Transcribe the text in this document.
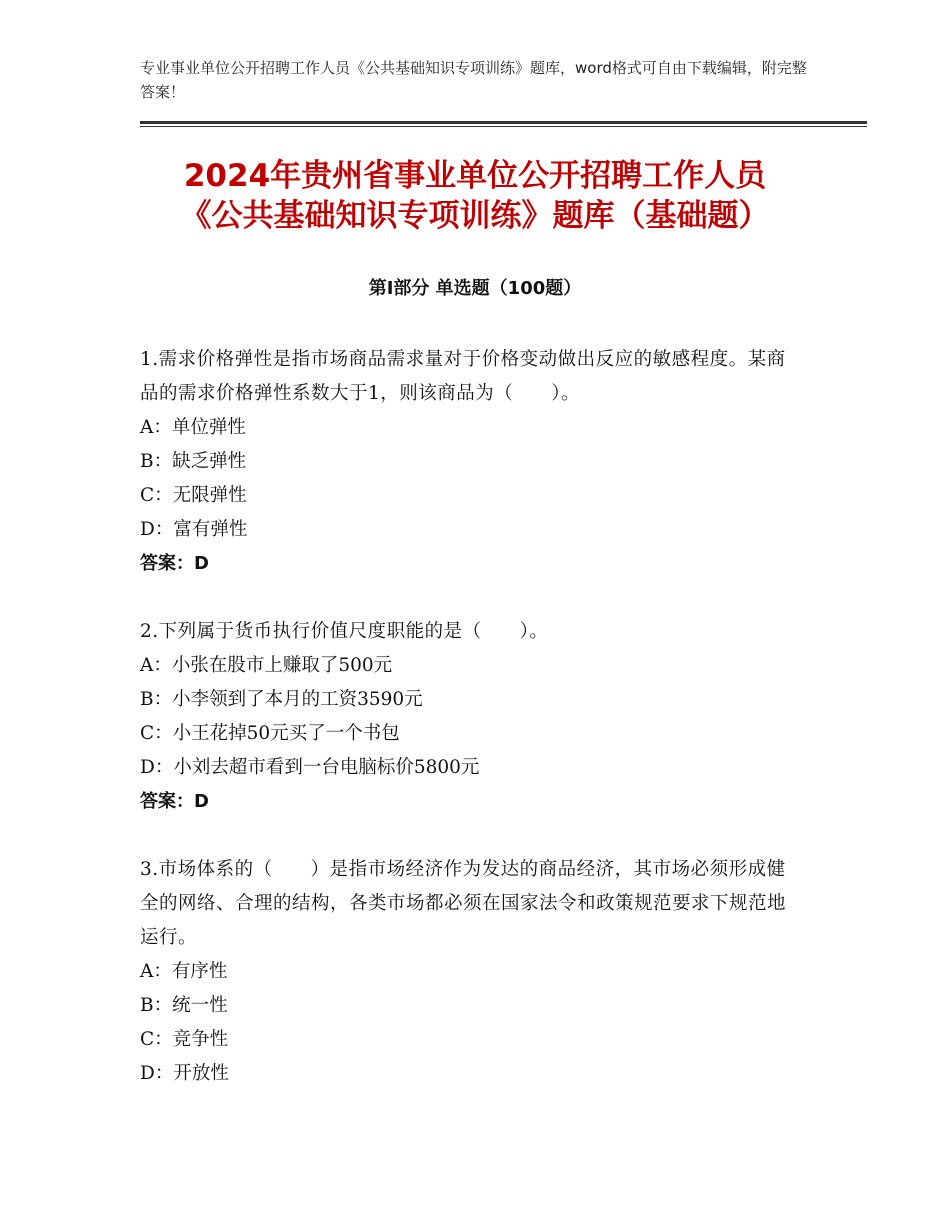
专业事业单位公开招聘工作人员《公共基础知识专项训练》题库，word格式可自由下载编辑，附完整答案！
2024年贵州省事业单位公开招聘工作人员
《公共基础知识专项训练》题库（基础题）
第Ⅰ部分 单选题（100题）
1.需求价格弹性是指市场商品需求量对于价格变动做出反应的敏感程度。某商品的需求价格弹性系数大于1，则该商品为（　　）。
A：单位弹性
B：缺乏弹性
C：无限弹性
D：富有弹性
答案：D
2.下列属于货币执行价值尺度职能的是（　　）。
A：小张在股市上赚取了500元
B：小李领到了本月的工资3590元
C：小王花掉50元买了一个书包
D：小刘去超市看到一台电脑标价5800元
答案：D
3.市场体系的（　　）是指市场经济作为发达的商品经济，其市场必须形成健全的网络、合理的结构，各类市场都必须在国家法令和政策规范要求下规范地运行。
A：有序性
B：统一性
C：竞争性
D：开放性
